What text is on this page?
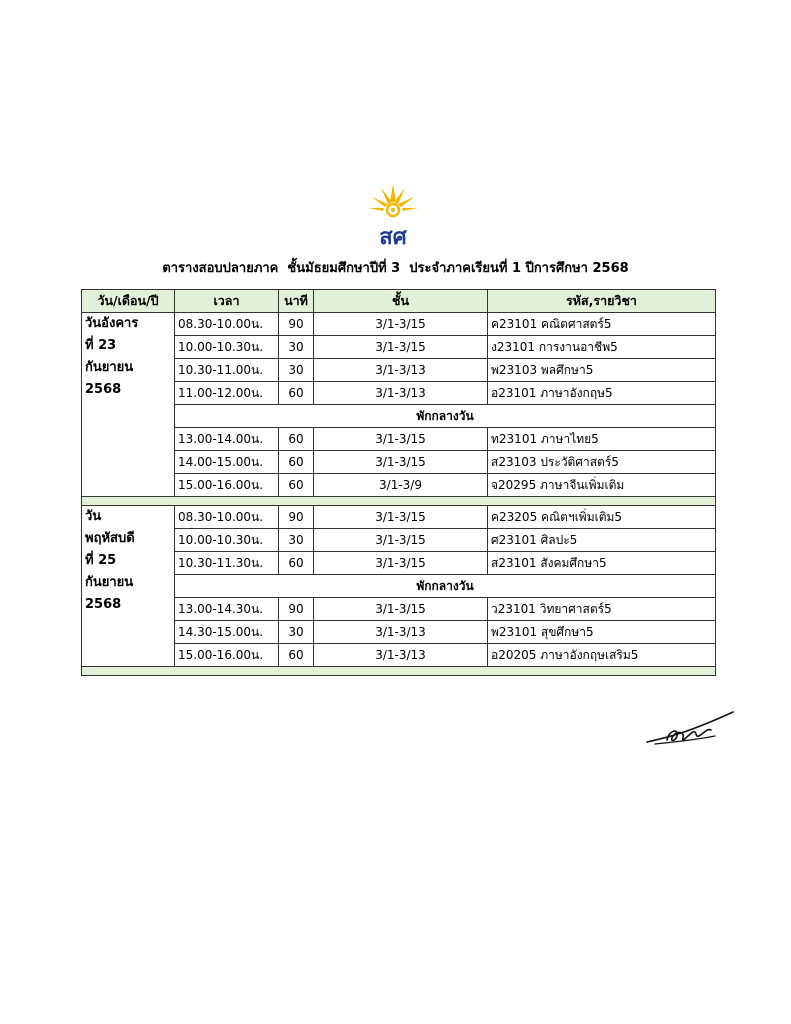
สศ
ตารางสอบปลายภาค  ชั้นมัธยมศึกษาปีที่ 3  ประจำภาคเรียนที่ 1 ปีการศึกษา 2568
วัน/เดือน/ปี	เวลา	นาที	ชั้น	รหัส,รายวิชา

วันอังคาร
ที่ 23
กันยายน
2568	08.30-10.00น.	90	3/1-3/15	ค23101 คณิตศาสตร์5
	10.00-10.30น.	30	3/1-3/15	ง23101 การงานอาชีพ5
	10.30-11.00น.	30	3/1-3/13	พ23103 พลศึกษา5
	11.00-12.00น.	60	3/1-3/13	อ23101 ภาษาอังกฤษ5
	พักกลางวัน			
	13.00-14.00น.	60	3/1-3/15	ท23101 ภาษาไทย5
	14.00-15.00น.	60	3/1-3/15	ส23103 ประวัติศาสตร์5
	15.00-16.00น.	60	3/1-3/9	จ20295 ภาษาจีนเพิ่มเติม

วัน
พฤหัสบดี
ที่ 25
กันยายน
2568	08.30-10.00น.	90	3/1-3/15	ค23205 คณิตฯเพิ่มเติม5
	10.00-10.30น.	30	3/1-3/15	ศ23101 ศิลปะ5
	10.30-11.30น.	60	3/1-3/15	ส23101 สังคมศึกษา5
	พักกลางวัน			
	13.00-14.30น.	90	3/1-3/15	ว23101 วิทยาศาสตร์5
	14.30-15.00น.	30	3/1-3/13	พ23101 สุขศึกษา5
	15.00-16.00น.	60	3/1-3/13	อ20205 ภาษาอังกฤษเสริม5
